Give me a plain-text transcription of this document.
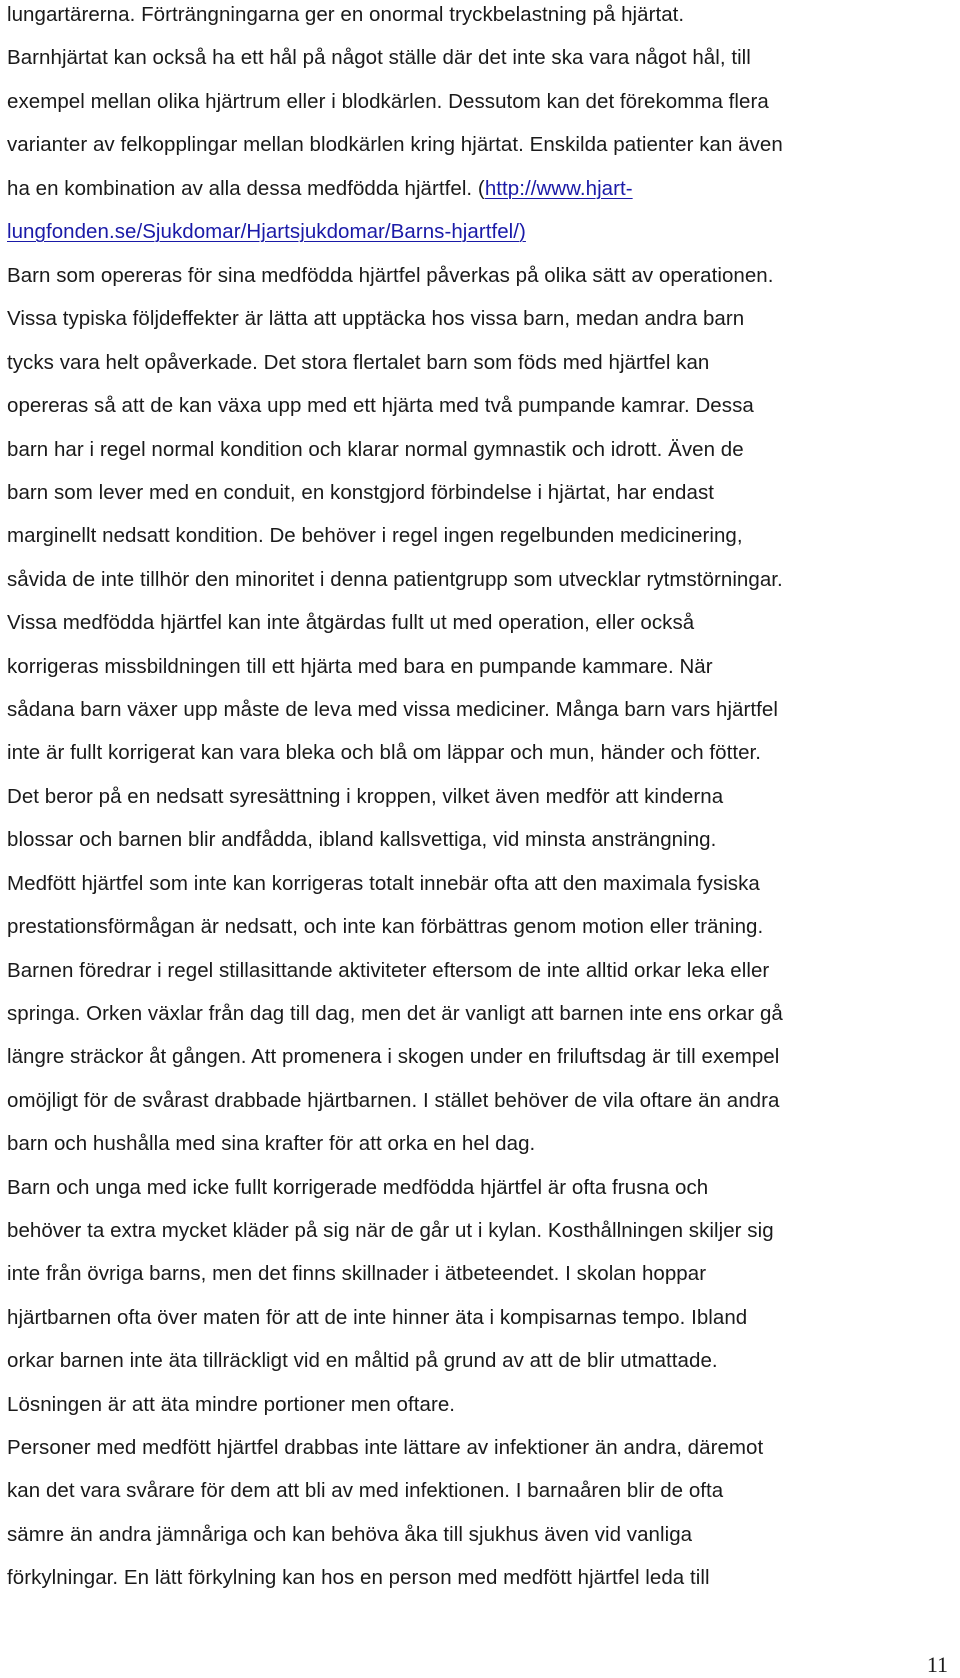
lungartärerna. Förträngningarna ger en onormal tryckbelastning på hjärtat.

Barnhjärtat kan också ha ett hål på något ställe där det inte ska vara något hål, till

exempel mellan olika hjärtrum eller i blodkärlen. Dessutom kan det förekomma flera

varianter av felkopplingar mellan blodkärlen kring hjärtat. Enskilda patienter kan även

ha en kombination av alla dessa medfödda hjärtfel. (http://www.hjart-

lungfonden.se/Sjukdomar/Hjartsjukdomar/Barns-hjartfel/)

Barn som opereras för sina medfödda hjärtfel påverkas på olika sätt av operationen.

Vissa typiska följdeffekter är lätta att upptäcka hos vissa barn, medan andra barn

tycks vara helt opåverkade. Det stora flertalet barn som föds med hjärtfel kan

opereras så att de kan växa upp med ett hjärta med två pumpande kamrar. Dessa

barn har i regel normal kondition och klarar normal gymnastik och idrott. Även de

barn som lever med en conduit, en konstgjord förbindelse i hjärtat, har endast

marginellt nedsatt kondition. De behöver i regel ingen regelbunden medicinering,

såvida de inte tillhör den minoritet i denna patientgrupp som utvecklar rytmstörningar.

Vissa medfödda hjärtfel kan inte åtgärdas fullt ut med operation, eller också

korrigeras missbildningen till ett hjärta med bara en pumpande kammare. När

sådana barn växer upp måste de leva med vissa mediciner. Många barn vars hjärtfel

inte är fullt korrigerat kan vara bleka och blå om läppar och mun, händer och fötter.

Det beror på en nedsatt syresättning i kroppen, vilket även medför att kinderna

blossar och barnen blir andfådda, ibland kallsvettiga, vid minsta ansträngning.

Medfött hjärtfel som inte kan korrigeras totalt innebär ofta att den maximala fysiska

prestationsförmågan är nedsatt, och inte kan förbättras genom motion eller träning.

Barnen föredrar i regel stillasittande aktiviteter eftersom de inte alltid orkar leka eller

springa. Orken växlar från dag till dag, men det är vanligt att barnen inte ens orkar gå

längre sträckor åt gången. Att promenera i skogen under en friluftsdag är till exempel

omöjligt för de svårast drabbade hjärtbarnen. I stället behöver de vila oftare än andra

barn och hushålla med sina krafter för att orka en hel dag.

Barn och unga med icke fullt korrigerade medfödda hjärtfel är ofta frusna och

behöver ta extra mycket kläder på sig när de går ut i kylan. Kosthållningen skiljer sig

inte från övriga barns, men det finns skillnader i ätbeteendet. I skolan hoppar

hjärtbarnen ofta över maten för att de inte hinner äta i kompisarnas tempo. Ibland

orkar barnen inte äta tillräckligt vid en måltid på grund av att de blir utmattade.

Lösningen är att äta mindre portioner men oftare.

Personer med medfött hjärtfel drabbas inte lättare av infektioner än andra, däremot

kan det vara svårare för dem att bli av med infektionen. I barnaåren blir de ofta

sämre än andra jämnåriga och kan behöva åka till sjukhus även vid vanliga

förkylningar. En lätt förkylning kan hos en person med medfött hjärtfel leda till

11
